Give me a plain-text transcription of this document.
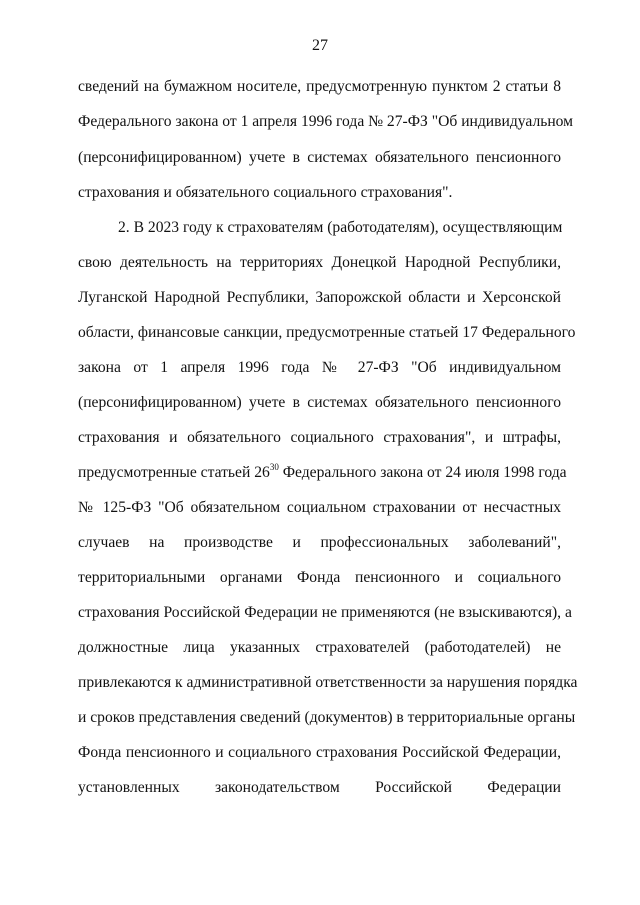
27
сведений на бумажном носителе, предусмотренную пунктом 2 статьи 8
Федерального закона от 1 апреля 1996 года № 27-ФЗ "Об индивидуальном
(персонифицированном) учете в системах обязательного пенсионного
страхования и обязательного социального страхования".
2. В 2023 году к страхователям (работодателям), осуществляющим
свою деятельность на территориях Донецкой Народной Республики,
Луганской Народной Республики, Запорожской области и Херсонской
области, финансовые санкции, предусмотренные статьей 17 Федерального
закона от 1 апреля 1996 года № 27-ФЗ "Об индивидуальном
(персонифицированном) учете в системах обязательного пенсионного
страхования и обязательного социального страхования", и штрафы,
предусмотренные статьей $26^{30}$ Федерального закона от 24 июля 1998 года
№ 125-ФЗ "Об обязательном социальном страховании от несчастных
случаев на производстве и профессиональных заболеваний",
территориальными органами Фонда пенсионного и социального
страхования Российской Федерации не применяются (не взыскиваются), а
должностные лица указанных страхователей (работодателей) не
привлекаются к административной ответственности за нарушения порядка
и сроков представления сведений (документов) в территориальные органы
Фонда пенсионного и социального страхования Российской Федерации,
установленных законодательством Российской Федерации
